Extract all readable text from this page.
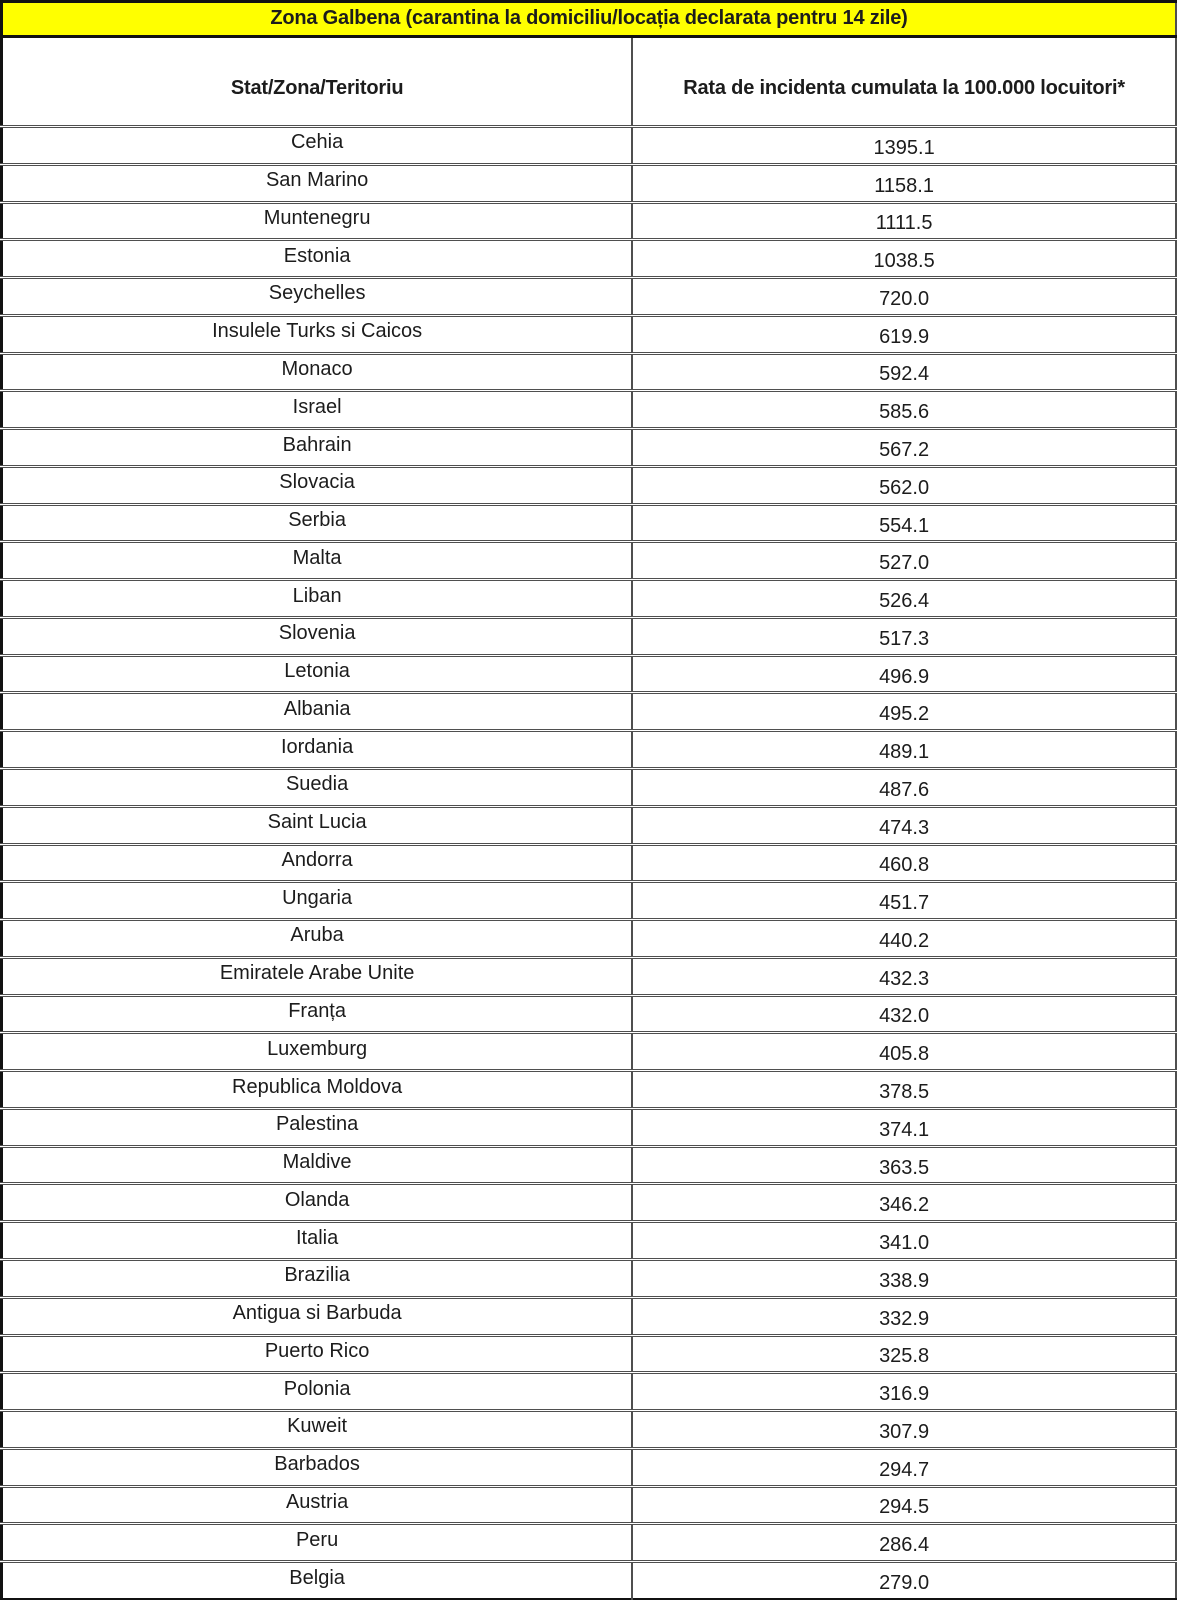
Zona Galbena (carantina la domiciliu/locația declarata pentru 14 zile)	
Stat/Zona/Teritoriu	Rata de incidenta cumulata la 100.000 locuitori*
Cehia	1395.1
San Marino	1158.1
Muntenegru	1111.5
Estonia	1038.5
Seychelles	720.0
Insulele Turks si Caicos	619.9
Monaco	592.4
Israel	585.6
Bahrain	567.2
Slovacia	562.0
Serbia	554.1
Malta	527.0
Liban	526.4
Slovenia	517.3
Letonia	496.9
Albania	495.2
Iordania	489.1
Suedia	487.6
Saint Lucia	474.3
Andorra	460.8
Ungaria	451.7
Aruba	440.2
Emiratele Arabe Unite	432.3
Franța	432.0
Luxemburg	405.8
Republica Moldova	378.5
Palestina	374.1
Maldive	363.5
Olanda	346.2
Italia	341.0
Brazilia	338.9
Antigua si Barbuda	332.9
Puerto Rico	325.8
Polonia	316.9
Kuweit	307.9
Barbados	294.7
Austria	294.5
Peru	286.4
Belgia	279.0
